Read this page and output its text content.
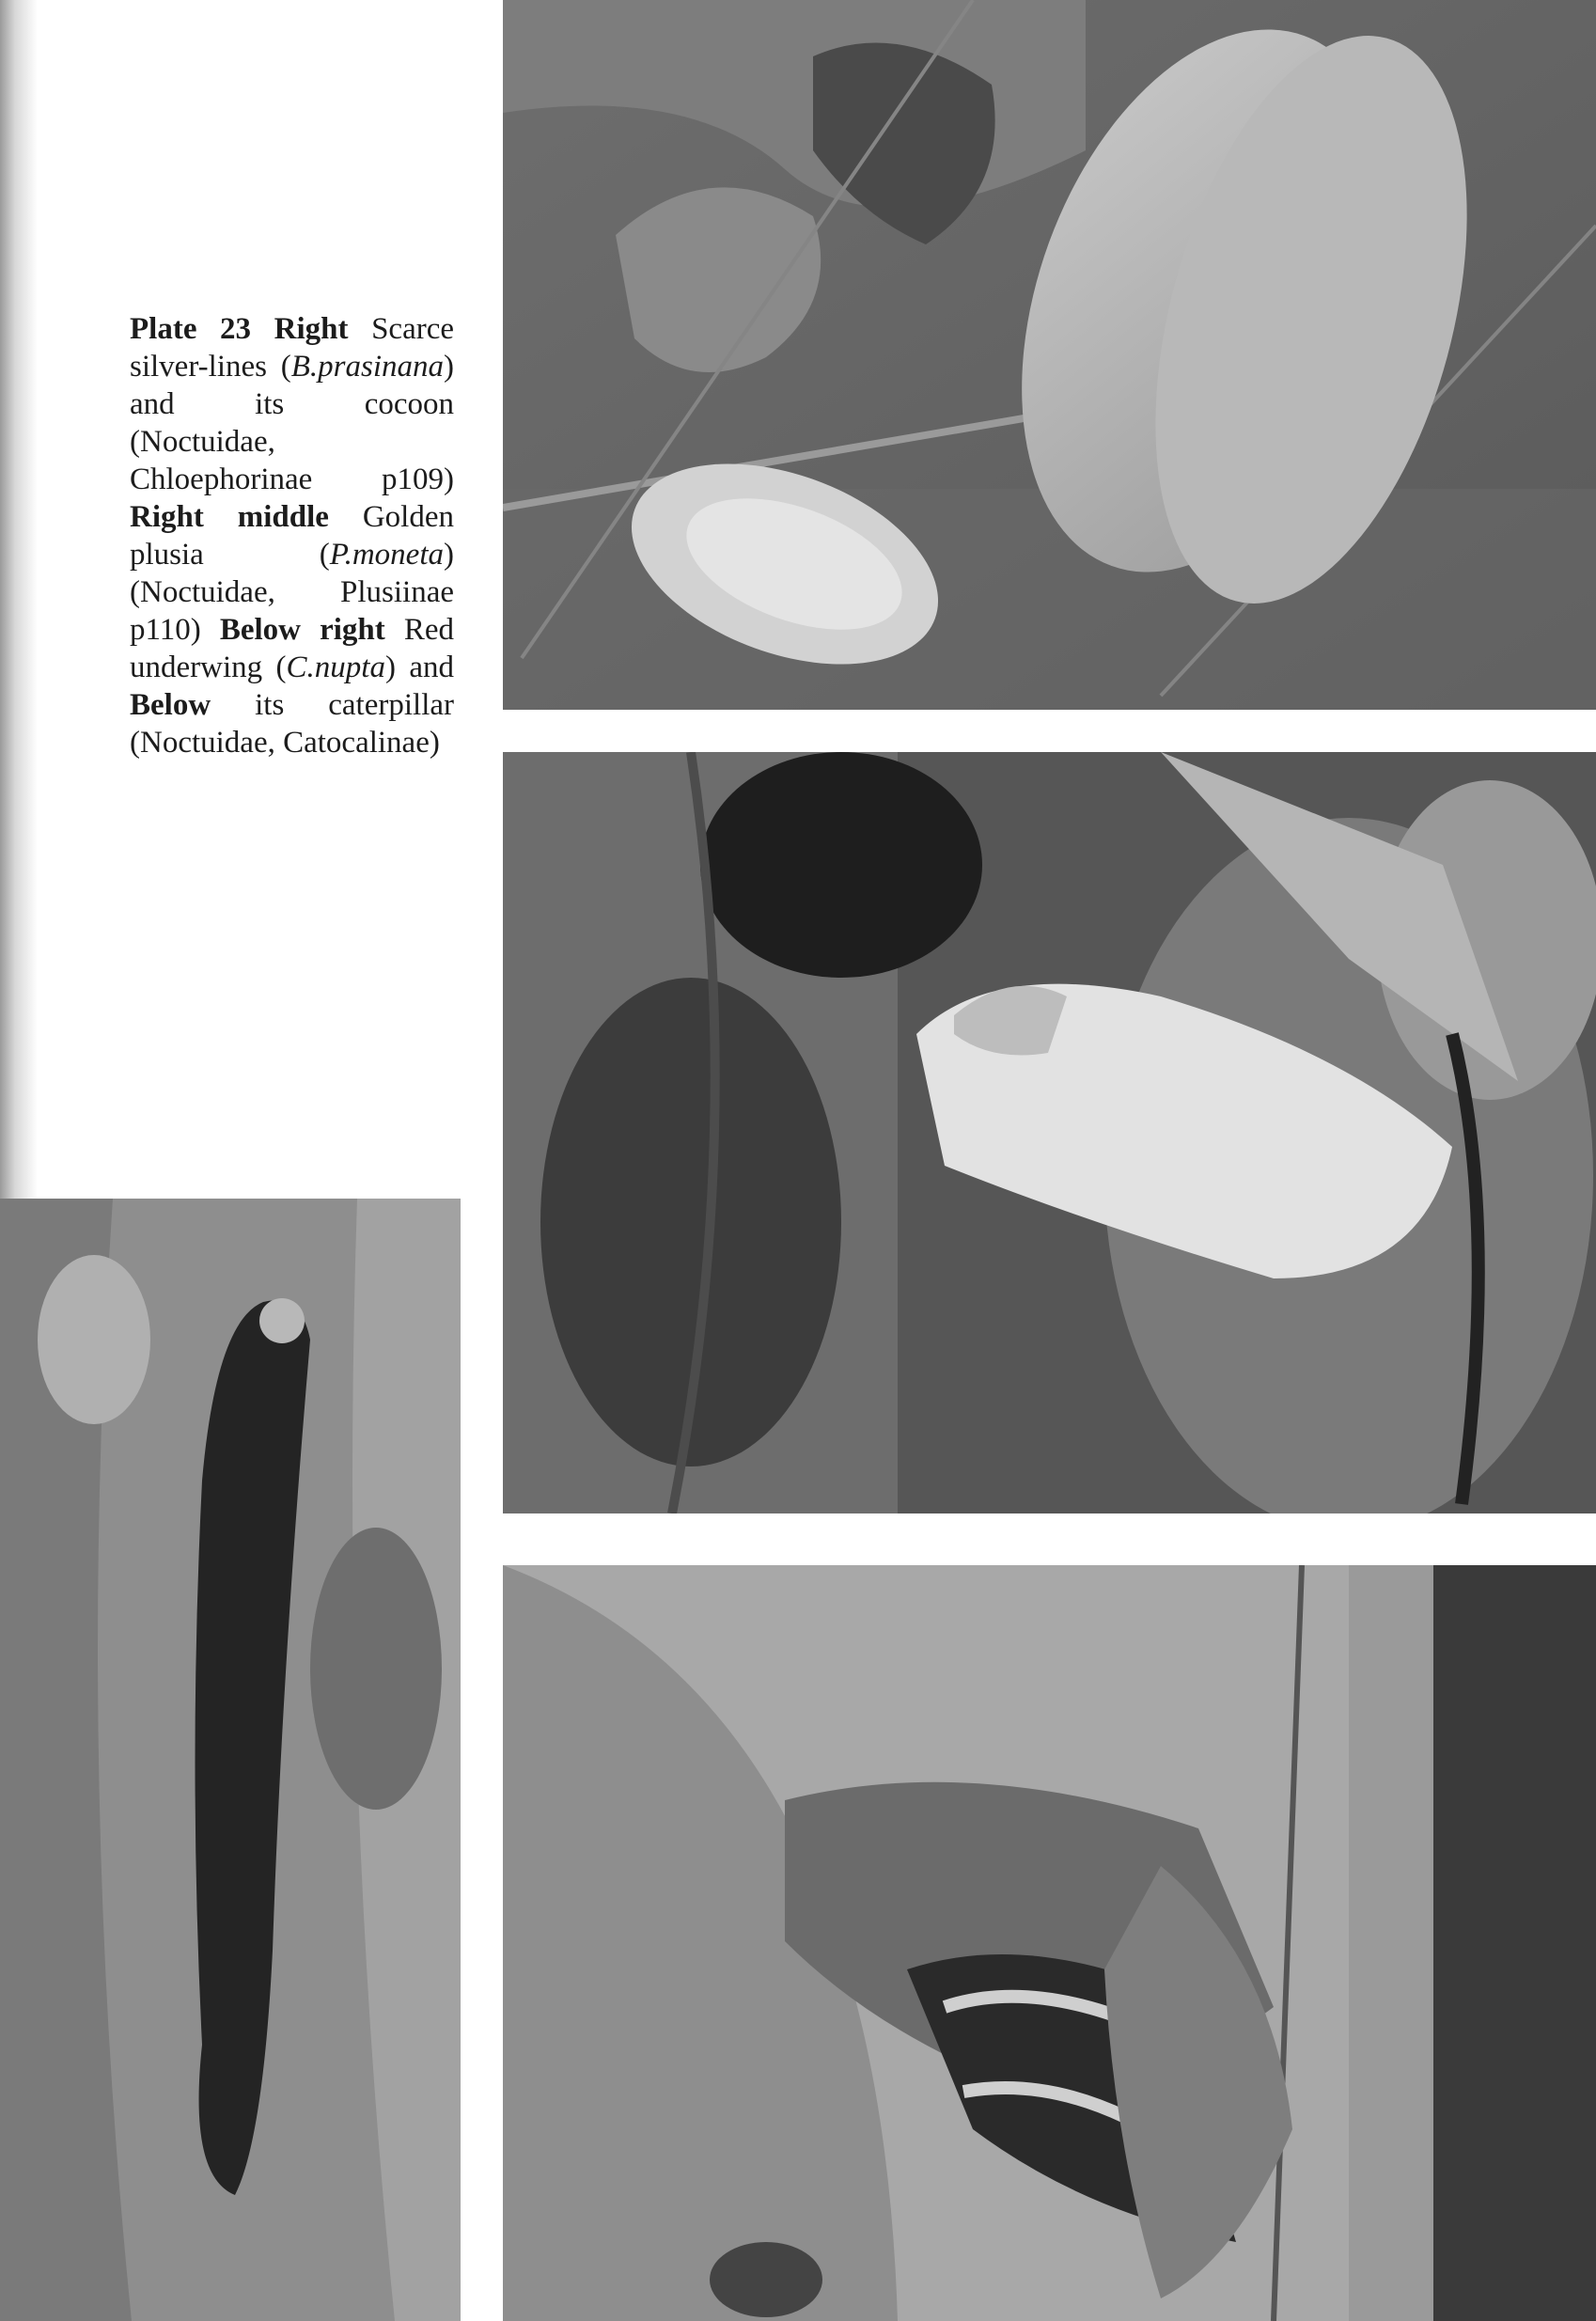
Plate 23 Right Scarce silver-lines (B.prasinana) and its cocoon (Noctuidae, Chloephorinae p109) Right middle Golden plusia (P.moneta) (Noctuidae, Plusiinae p110) Below right Red underwing (C.nupta) and Below its caterpillar (Noctuidae, Catocalinae)
